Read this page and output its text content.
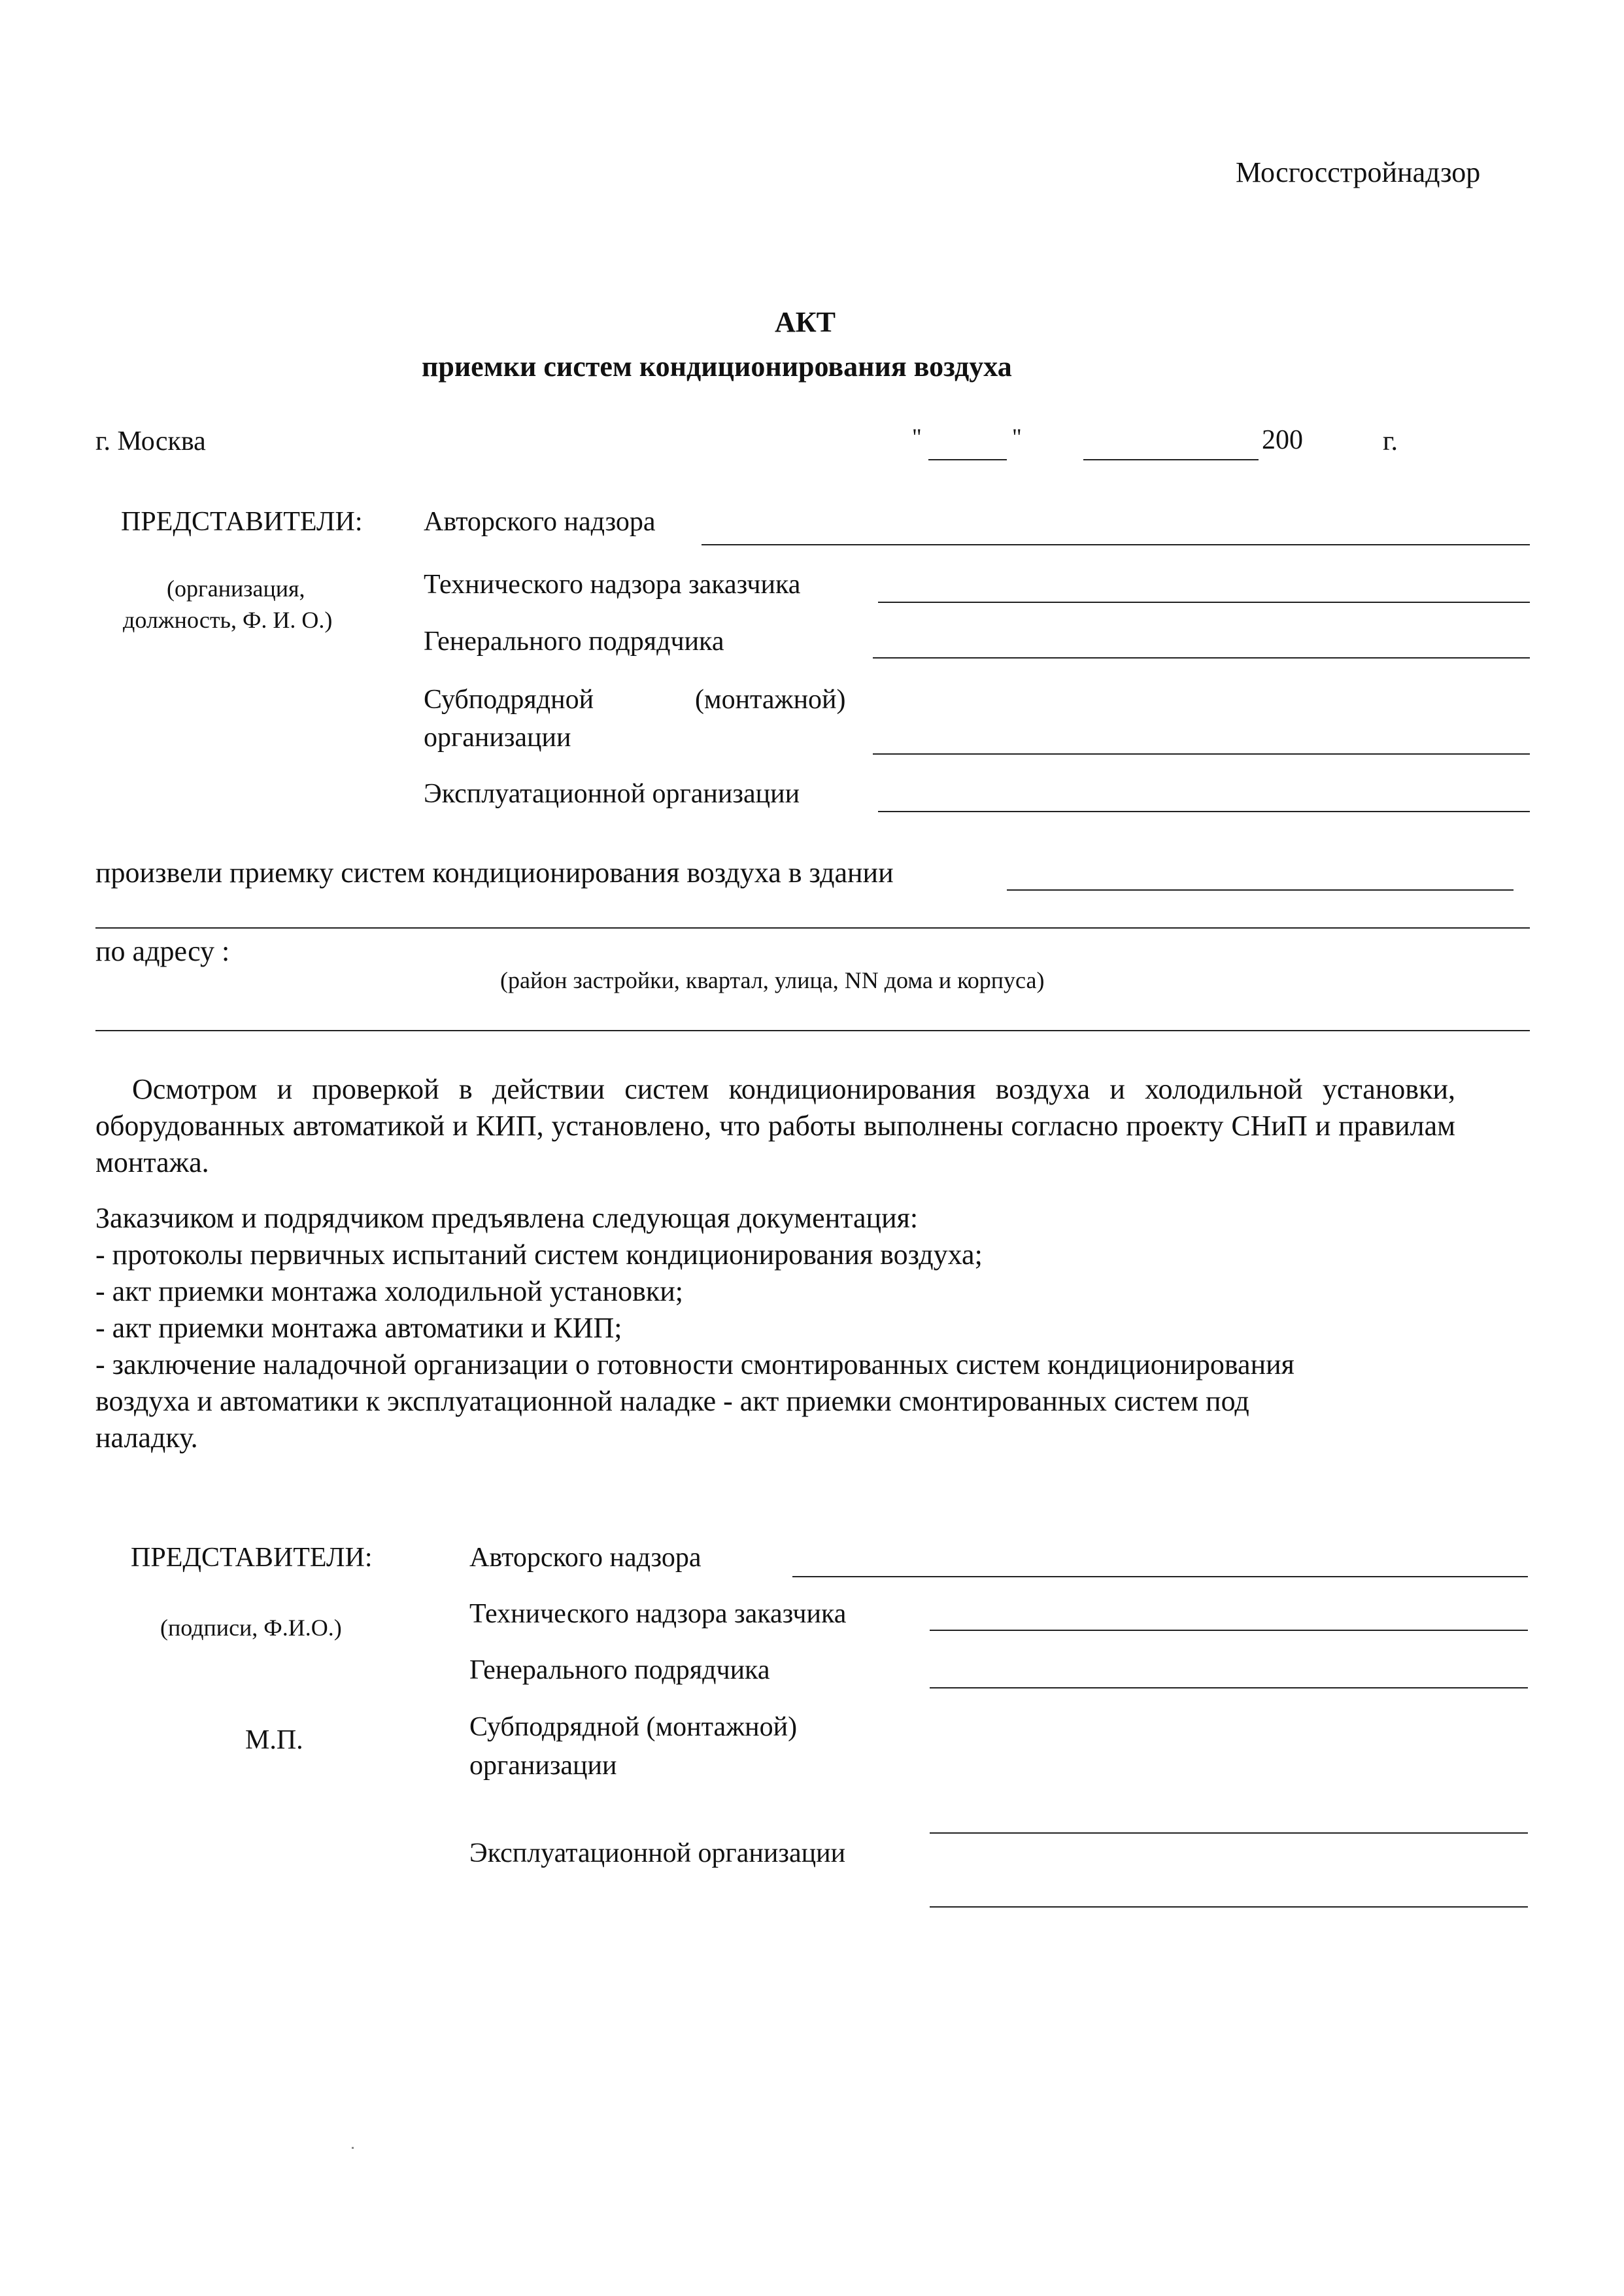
Мосгосстройнадзор
АКТ
приемки систем кондиционирования воздуха
г. Москва	"	"	200	г.
ПРЕДСТАВИТЕЛИ:
(организация,
должность, Ф. И. О.)
Авторского надзора
Технического надзора заказчика
Генерального подрядчика
Субподрядной	(монтажной)
организации
Эксплуатационной организации
произвели приемку систем кондиционирования воздуха в здании
по адресу :
(район застройки, квартал, улица, NN дома и корпуса)
Осмотром и проверкой в действии систем кондиционирования воздуха и холодильной установки, оборудованных автоматикой и КИП, установлено, что работы выполнены согласно проекту СНиП и правилам монтажа.
Заказчиком и подрядчиком предъявлена следующая документация:
- протоколы первичных испытаний систем кондиционирования воздуха;
- акт приемки монтажа холодильной установки;
- акт приемки монтажа автоматики и КИП;
- заключение наладочной организации о готовности смонтированных систем кондиционирования
воздуха и автоматики к эксплуатационной наладке - акт приемки смонтированных систем под
наладку.
ПРЕДСТАВИТЕЛИ:
(подписи, Ф.И.О.)
М.П.
Авторского надзора
Технического надзора заказчика
Генерального подрядчика
Субподрядной (монтажной)
организации
Эксплуатационной организации
